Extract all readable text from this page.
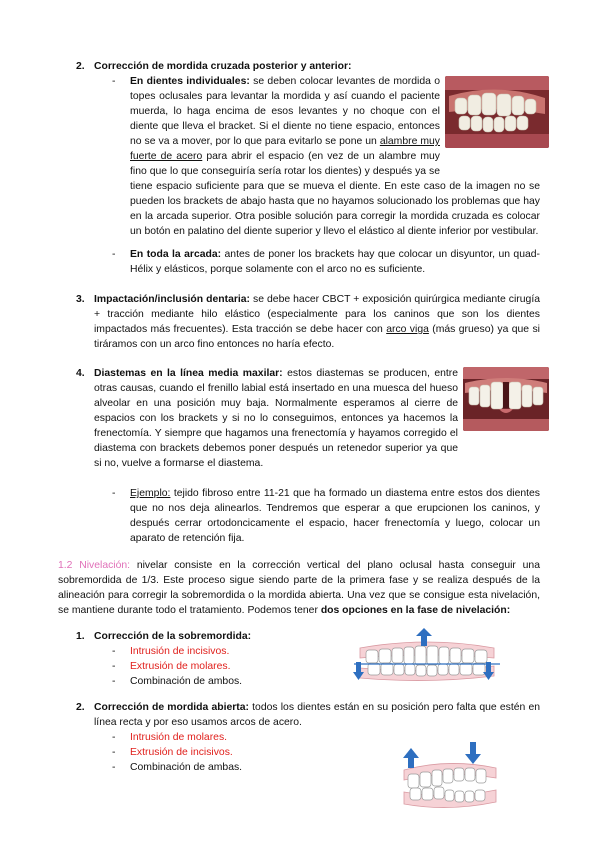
2. Corrección de mordida cruzada posterior y anterior:
- En dientes individuales: se deben colocar levantes de mordida o topes oclusales para levantar la mordida y así cuando el paciente muerda, lo haga encima de esos levantes y no choque con el diente que lleva el bracket. Si el diente no tiene espacio, entonces no se va a mover, por lo que para evitarlo se pone un alambre muy fuerte de acero para abrir el espacio (en vez de un alambre muy fino que lo que conseguiría sería rotar los dientes) y después ya se tiene espacio suficiente para que se mueva el diente. En este caso de la imagen no se pueden los brackets de abajo hasta que no hayamos solucionado los problemas que hay en la arcada superior. Otra posible solución para corregir la mordida cruzada es colocar un botón en palatino del diente superior y llevo el elástico al diente inferior por vestibular.
- En toda la arcada: antes de poner los brackets hay que colocar un disyuntor, un quad-Hélix y elásticos, porque solamente con el arco no es suficiente.
3. Impactación/inclusión dentaria: se debe hacer CBCT + exposición quirúrgica mediante cirugía + tracción mediante hilo elástico (especialmente para los caninos que son los dientes impactados más frecuentes). Esta tracción se debe hacer con arco viga (más grueso) ya que si tiráramos con un arco fino entonces no haría efecto.
4. Diastemas en la línea media maxilar: estos diastemas se producen, entre otras causas, cuando el frenillo labial está insertado en una muesca del hueso alveolar en una posición muy baja. Normalmente esperamos al cierre de espacios con los brackets y si no lo conseguimos, entonces ya hacemos la frenectomía. Y siempre que hagamos una frenectomía y hayamos corregido el diastema con brackets debemos poner después un retenedor superior ya que si no, vuelve a formarse el diastema.
- Ejemplo: tejido fibroso entre 11-21 que ha formado un diastema entre estos dos dientes que no nos deja alinearlos. Tendremos que esperar a que erupcionen los caninos, y después cerrar ortodoncicamente el espacio, hacer frenectomía y luego, colocar un aparato de retención fija.
1.2 Nivelación: nivelar consiste en la corrección vertical del plano oclusal hasta conseguir una sobremordida de 1/3. Este proceso sigue siendo parte de la primera fase y se realiza después de la alineación para corregir la sobremordida o la mordida abierta. Una vez que se consigue esta nivelación, se mantiene durante todo el tratamiento. Podemos tener dos opciones en la fase de nivelación:
1. Corrección de la sobremordida:
- Intrusión de incisivos.
- Extrusión de molares.
- Combinación de ambos.
2. Corrección de mordida abierta: todos los dientes están en su posición pero falta que estén en línea recta y por eso usamos arcos de acero.
- Intrusión de molares.
- Extrusión de incisivos.
- Combinación de ambas.
